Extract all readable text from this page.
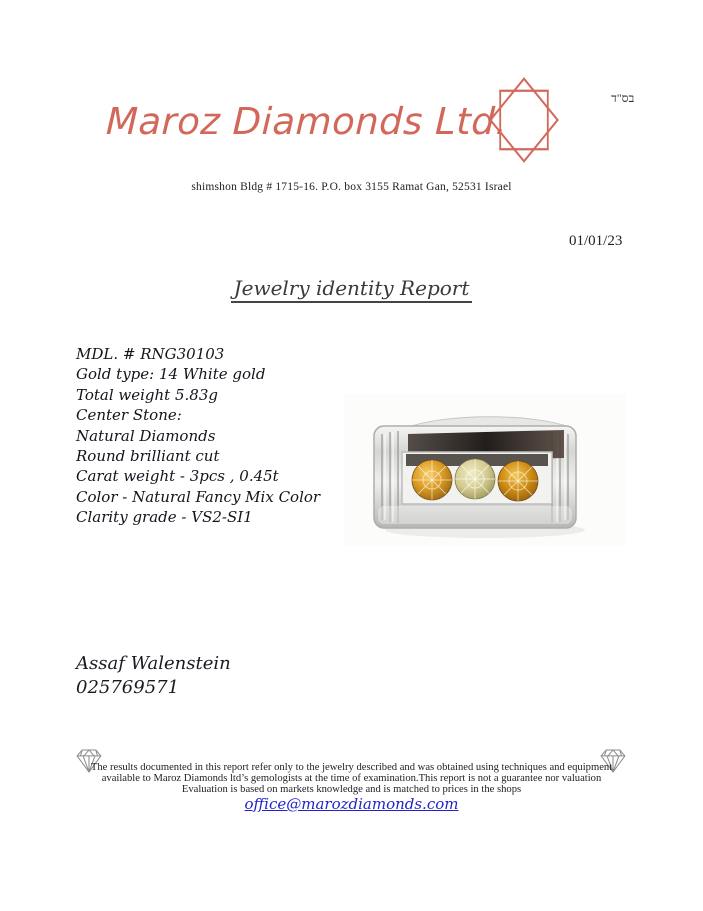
בס"ד
Maroz Diamonds Ltd.
shimshon Bldg # 1715-16. P.O. box 3155 Ramat Gan, 52531 Israel
01/01/23
Jewelry identity Report
MDL. # RNG30103
Gold type: 14 White gold
Total weight 5.83g
Center Stone:
Natural Diamonds
Round brilliant cut
Carat weight - 3pcs , 0.45t
Color - Natural Fancy Mix Color
Clarity grade - VS2-SI1
Assaf Walenstein
025769571
The results documented in this report refer only to the jewelry described and was obtained using techniques and equipment
available to Maroz Diamonds ltd’s gemologists at the time of examination.This report is not a guarantee nor valuation
Evaluation is based on markets knowledge and is matched to prices in the shops
office@marozdiamonds.com
